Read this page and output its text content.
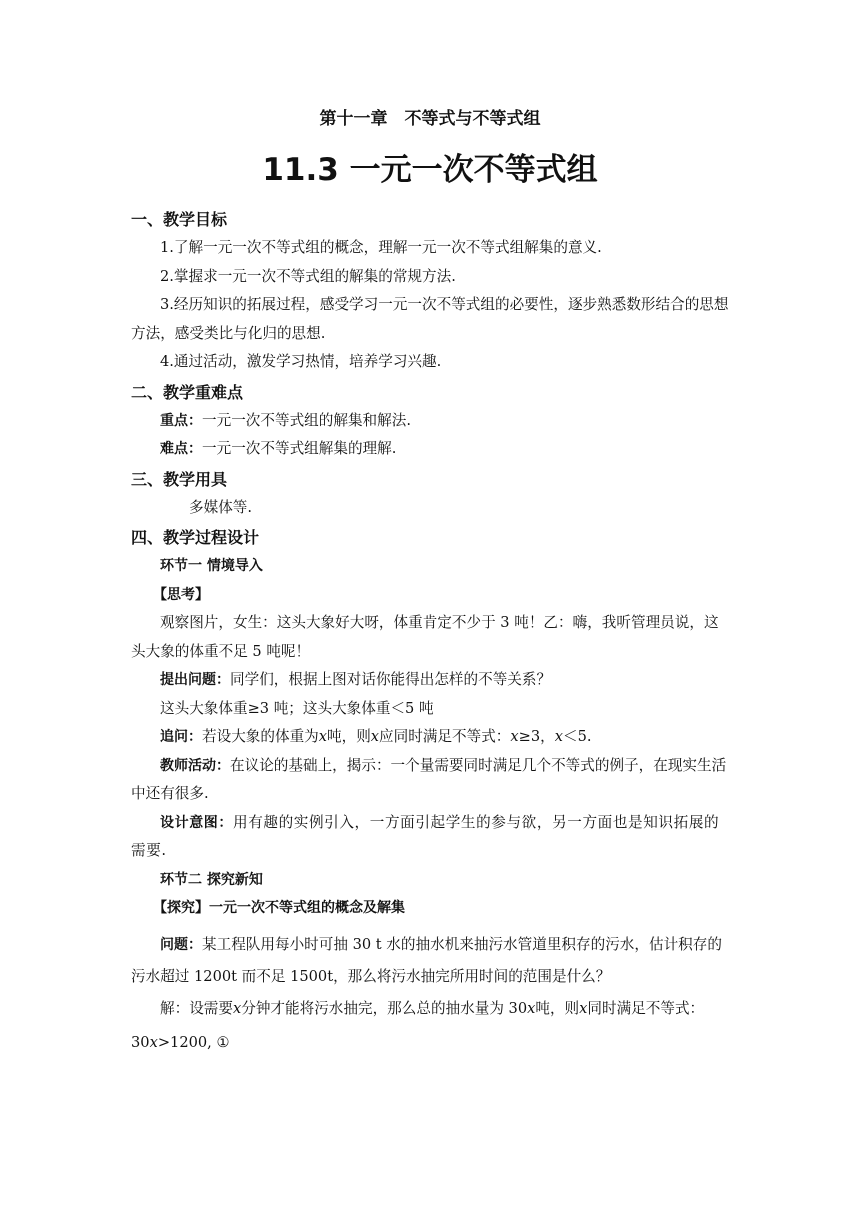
第十一章　不等式与不等式组
11.3 一元一次不等式组
一、教学目标
1.了解一元一次不等式组的概念，理解一元一次不等式组解集的意义.
2.掌握求一元一次不等式组的解集的常规方法.
3.经历知识的拓展过程，感受学习一元一次不等式组的必要性，逐步熟悉数形结合的思想方法，感受类比与化归的思想.
4.通过活动，激发学习热情，培养学习兴趣.
二、教学重难点
重点：一元一次不等式组的解集和解法.
难点：一元一次不等式组解集的理解.
三、教学用具
多媒体等.
四、教学过程设计
环节一 情境导入
【思考】
观察图片，女生：这头大象好大呀，体重肯定不少于 3 吨！乙：嗨，我听管理员说，这头大象的体重不足 5 吨呢！
提出问题：同学们，根据上图对话你能得出怎样的不等关系？
这头大象体重≥3 吨；这头大象体重＜5 吨
追问：若设大象的体重为x吨，则x应同时满足不等式：x≥3，x＜5.
教师活动：在议论的基础上，揭示：一个量需要同时满足几个不等式的例子，在现实生活中还有很多.
设计意图：用有趣的实例引入，一方面引起学生的参与欲，另一方面也是知识拓展的需要.
环节二 探究新知
【探究】一元一次不等式组的概念及解集
问题：某工程队用每小时可抽 30 t 水的抽水机来抽污水管道里积存的污水，估计积存的污水超过 1200t 而不足 1500t，那么将污水抽完所用时间的范围是什么？
解：设需要x分钟才能将污水抽完，那么总的抽水量为 30x吨，则x同时满足不等式：
30x>1200, ①
